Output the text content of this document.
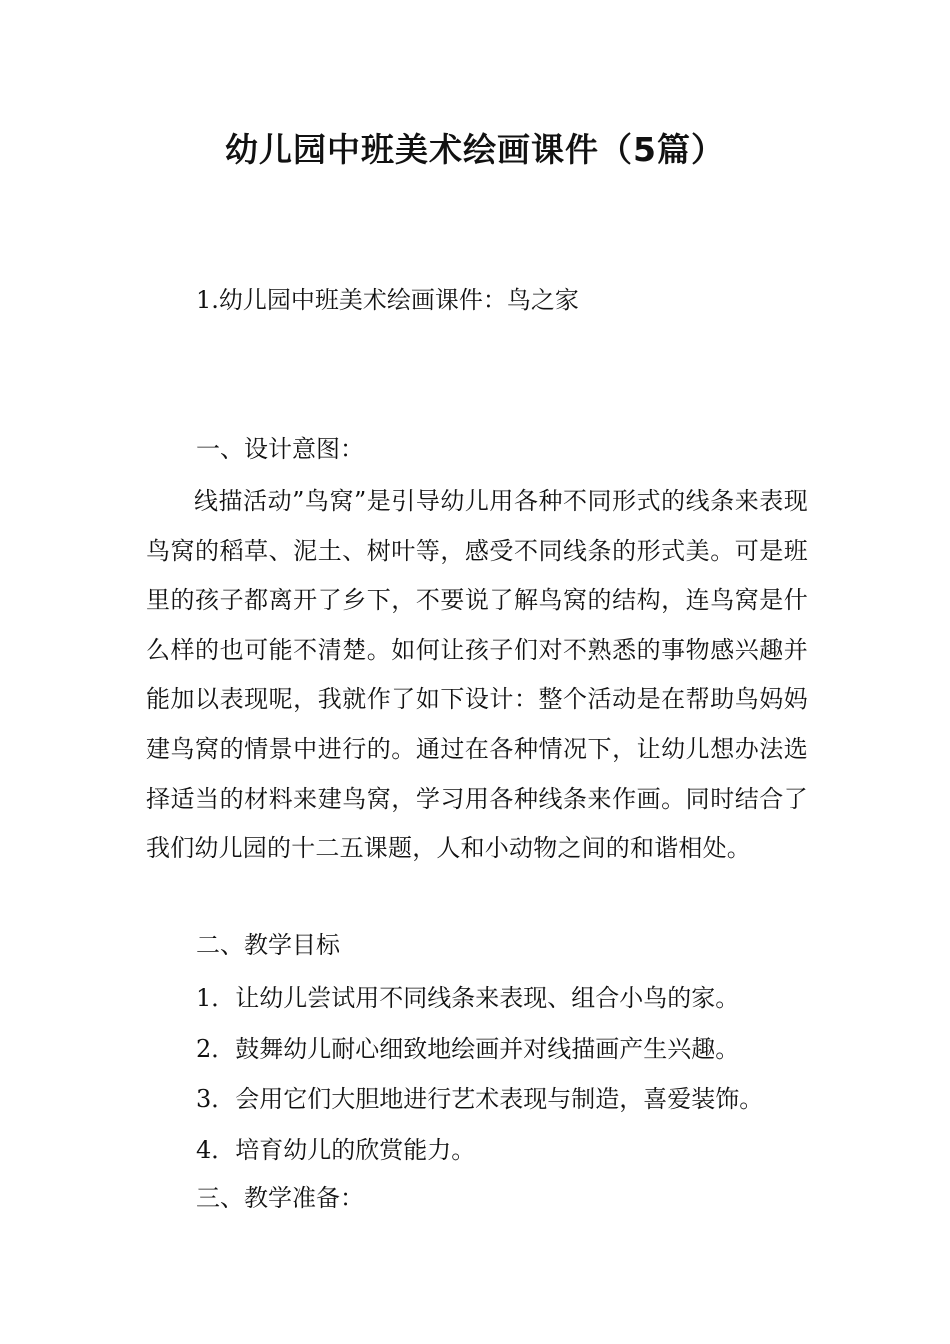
幼儿园中班美术绘画课件（5篇）
1.幼儿园中班美术绘画课件：鸟之家
一、设计意图：
线描活动”鸟窝”是引导幼儿用各种不同形式的线条来表现鸟窝的稻草、泥土、树叶等，感受不同线条的形式美。可是班里的孩子都离开了乡下，不要说了解鸟窝的结构，连鸟窝是什么样的也可能不清楚。如何让孩子们对不熟悉的事物感兴趣并能加以表现呢，我就作了如下设计：整个活动是在帮助鸟妈妈建鸟窝的情景中进行的。通过在各种情况下，让幼儿想办法选择适当的材料来建鸟窝，学习用各种线条来作画。同时结合了我们幼儿园的十二五课题，人和小动物之间的和谐相处。
二、教学目标
1．让幼儿尝试用不同线条来表现、组合小鸟的家。
2．鼓舞幼儿耐心细致地绘画并对线描画产生兴趣。
3．会用它们大胆地进行艺术表现与制造，喜爱装饰。
4．培育幼儿的欣赏能力。
三、教学准备：
